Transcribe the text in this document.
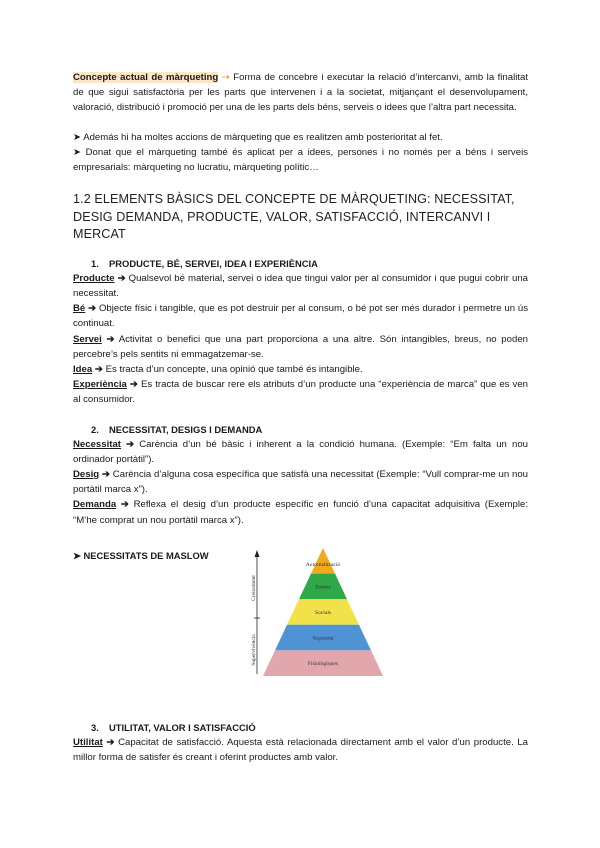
Concepte actual de màrqueting ➝ Forma de concebre i executar la relació d’intercanvi, amb la finalitat de que sigui satisfactòria per les parts que intervenen i a la societat, mitjançant el desenvolupament, valoració, distribució i promoció per una de les parts dels béns, serveis o idees que l’altra part necessita.

➤ Además hi ha moltes accions de màrqueting que es realitzen amb posterioritat al fet.

➤ Donat que el màrqueting també és aplicat per a idees, persones i no només per a béns i serveis empresarials: màrqueting no lucratiu, màrqueting polític…

1.2 ELEMENTS BÀSICS DEL CONCEPTE DE MÀRQUETING: NECESSITAT, DESIG DEMANDA, PRODUCTE, VALOR, SATISFACCIÓ, INTERCANVI I MERCAT
1. PRODUCTE, BÉ, SERVEI, IDEA I EXPERIÈNCIA

Producte ➔ Qualsevol bé material, servei o idea que tingui valor per al consumidor i que pugui cobrir una necessitat.

Bé ➔ Objecte físic i tangible, que es pot destruir per al consum, o bé pot ser més durador i permetre un ús continuat.

Servei ➔ Activitat o benefici que una part proporciona a una altre. Són intangibles, breus, no poden percebre’s pels sentits ni emmagatzemar-se.

Idea ➔ Es tracta d’un concepte, una opinió que també és intangible.

Experiència ➔ Es tracta de buscar rere els atributs d’un producte una “experiència de marca” que es ven al consumidor.

2. NECESSITAT, DESIGS I DEMANDA

Necessitat ➔ Carència d’un bé bàsic i inherent a la condició humana. (Exemple: “Em falta un nou ordinador portàtil”).

Desig ➔ Carència d’alguna cosa específica que satisfà una necessitat (Exemple: “Vull comprar-me un nou portàtil marca x”).

Demanda ➔ Reflexa el desig d’un producte específic en funció d’una capacitat adquisitiva (Exemple: “M’he comprat un nou portàtil marca x”).

➤ NECESSITATS DE MASLOW
Creixement
Supervivència
Autorealització
Estima
Socials
Seguretat
Fisiològiques
3. UTILITAT, VALOR I SATISFACCIÓ

Utilitat ➔ Capacitat de satisfacció. Aquesta està relacionada directament amb el valor d’un producte. La millor forma de satisfer és creant i oferint productes amb valor.
